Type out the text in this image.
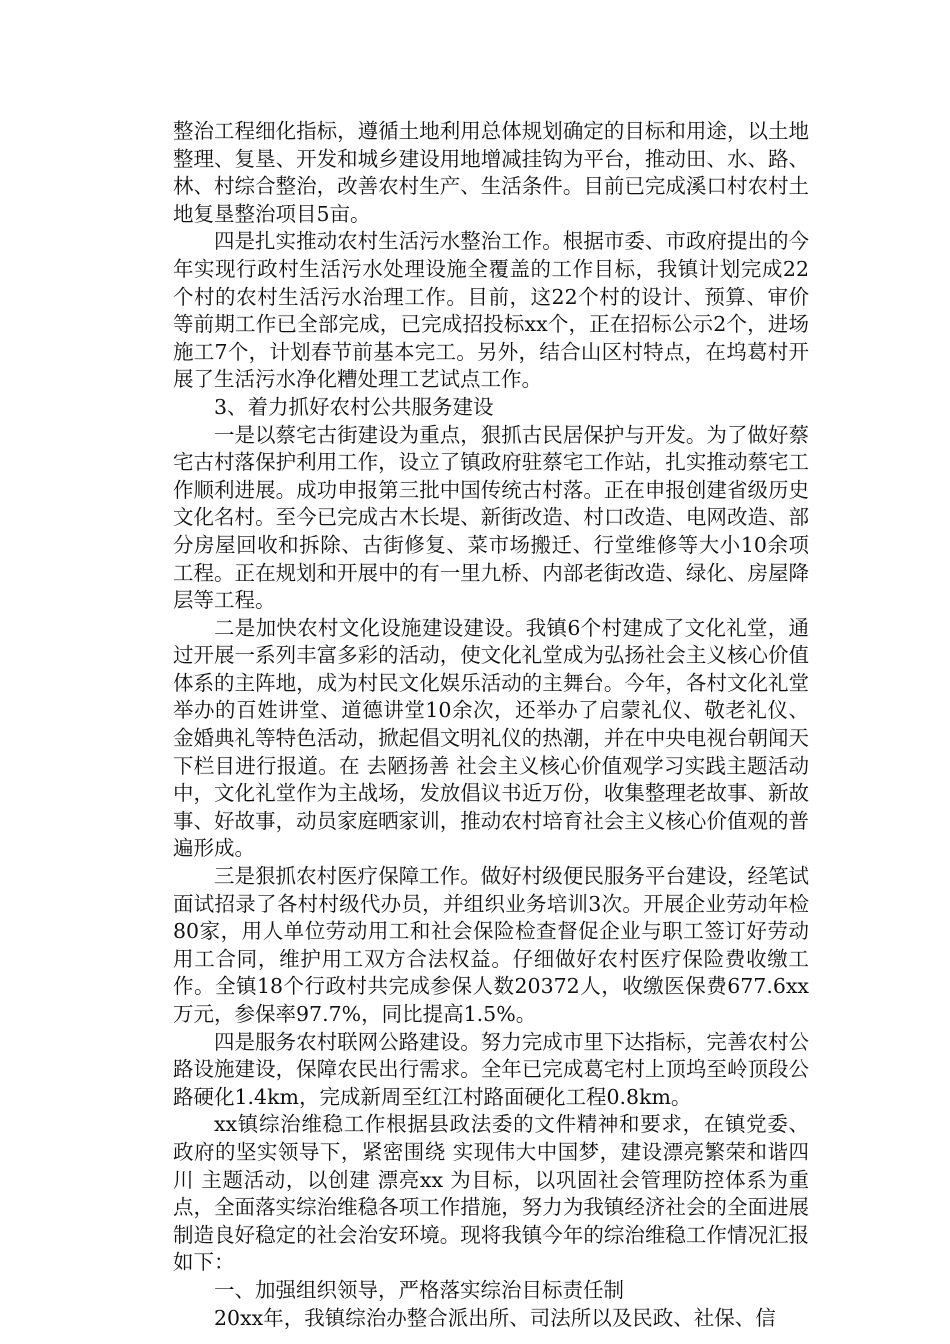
整治工程细化指标，遵循土地利用总体规划确定的目标和用途，以土地整理、复垦、开发和城乡建设用地增减挂钩为平台，推动田、水、路、林、村综合整治，改善农村生产、生活条件。目前已完成溪口村农村土地复垦整治项目5亩。

四是扎实推动农村生活污水整治工作。根据市委、市政府提出的今年实现行政村生活污水处理设施全覆盖的工作目标，我镇计划完成22个村的农村生活污水治理工作。目前，这22个村的设计、预算、审价等前期工作已全部完成，已完成招投标xx个，正在招标公示2个，进场施工7个，计划春节前基本完工。另外，结合山区村特点，在坞葛村开展了生活污水净化糟处理工艺试点工作。

3、着力抓好农村公共服务建设

一是以蔡宅古街建设为重点，狠抓古民居保护与开发。为了做好蔡宅古村落保护利用工作，设立了镇政府驻蔡宅工作站，扎实推动蔡宅工作顺利进展。成功申报第三批中国传统古村落。正在申报创建省级历史文化名村。至今已完成古木长堤、新街改造、村口改造、电网改造、部分房屋回收和拆除、古街修复、菜市场搬迁、行堂维修等大小10余项工程。正在规划和开展中的有一里九桥、内部老街改造、绿化、房屋降层等工程。

二是加快农村文化设施建设建设。我镇6个村建成了文化礼堂，通过开展一系列丰富多彩的活动，使文化礼堂成为弘扬社会主义核心价值体系的主阵地，成为村民文化娱乐活动的主舞台。今年，各村文化礼堂举办的百姓讲堂、道德讲堂10余次，还举办了启蒙礼仪、敬老礼仪、金婚典礼等特色活动，掀起倡文明礼仪的热潮，并在中央电视台朝闻天下栏目进行报道。在 去陋扬善 社会主义核心价值观学习实践主题活动中，文化礼堂作为主战场，发放倡议书近万份，收集整理老故事、新故事、好故事，动员家庭晒家训，推动农村培育社会主义核心价值观的普遍形成。

三是狠抓农村医疗保障工作。做好村级便民服务平台建设，经笔试面试招录了各村村级代办员，并组织业务培训3次。开展企业劳动年检80家，用人单位劳动用工和社会保险检查督促企业与职工签订好劳动用工合同，维护用工双方合法权益。仔细做好农村医疗保险费收缴工作。全镇18个行政村共完成参保人数20372人，收缴医保费677.6xx万元，参保率97.7%，同比提高1.5%。

四是服务农村联网公路建设。努力完成市里下达指标，完善农村公路设施建设，保障农民出行需求。全年已完成葛宅村上顶坞至岭顶段公路硬化1.4km，完成新周至红江村路面硬化工程0.8km。

xx镇综治维稳工作根据县政法委的文件精神和要求，在镇党委、政府的坚实领导下，紧密围绕 实现伟大中国梦，建设漂亮繁荣和谐四川 主题活动，以创建 漂亮xx 为目标，以巩固社会管理防控体系为重点，全面落实综治维稳各项工作措施，努力为我镇经济社会的全面进展制造良好稳定的社会治安环境。现将我镇今年的综治维稳工作情况汇报如下：

一、加强组织领导，严格落实综治目标责任制

20xx年，我镇综治办整合派出所、司法所以及民政、社保、信
